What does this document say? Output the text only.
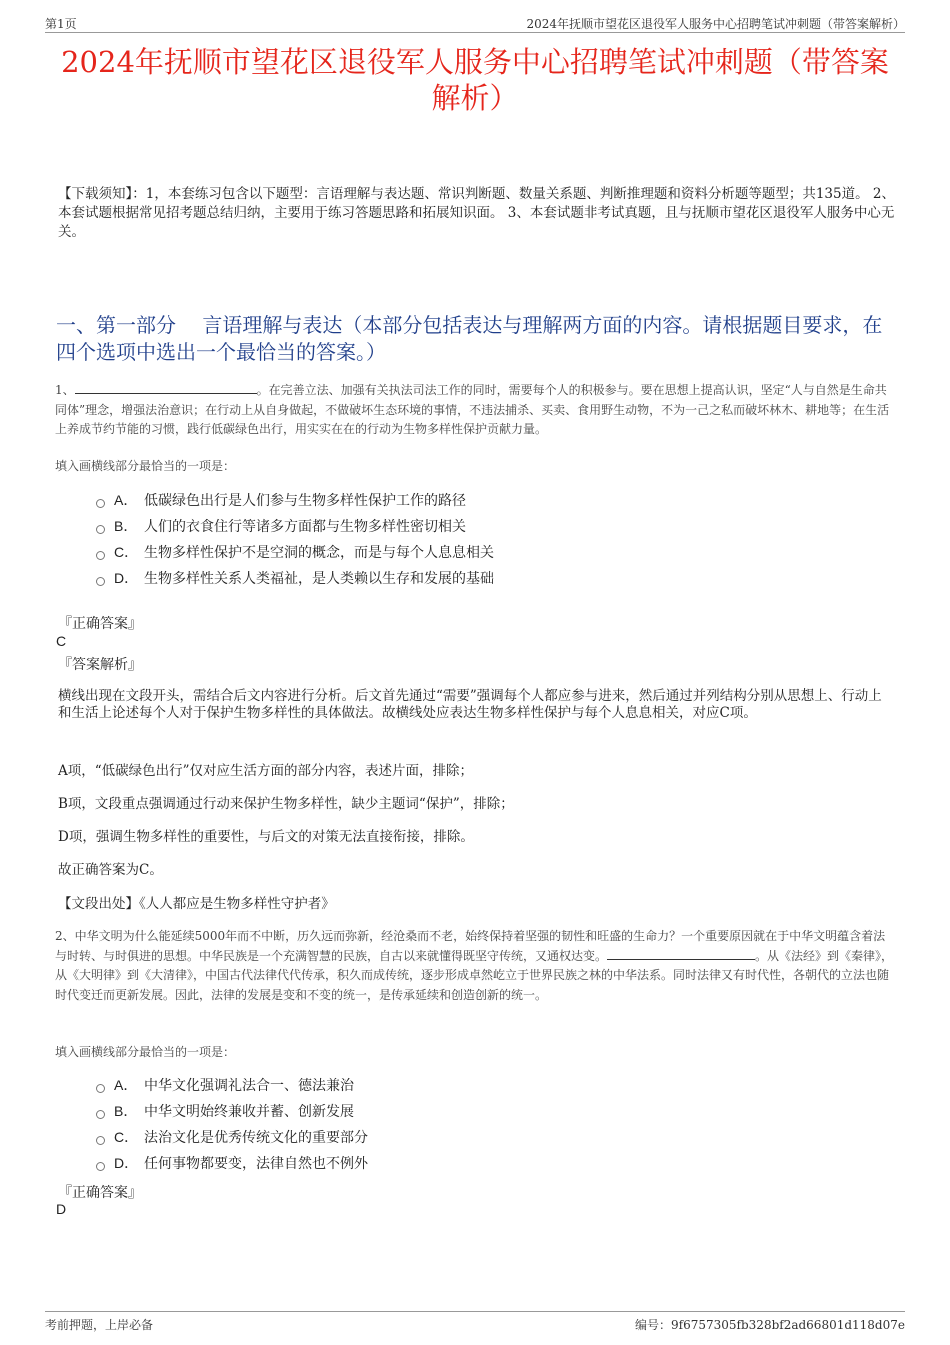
第1页	2024年抚顺市望花区退役军人服务中心招聘笔试冲刺题（带答案解析）
2024年抚顺市望花区退役军人服务中心招聘笔试冲刺题（带答案解析）
【下载须知】：1，本套练习包含以下题型：言语理解与表达题、常识判断题、数量关系题、判断推理题和资料分析题等题型；共135道。 2、本套试题根据常见招考题总结归纳，主要用于练习答题思路和拓展知识面。 3、本套试题非考试真题，且与抚顺市望花区退役军人服务中心无关。
一、第一部分　 言语理解与表达（本部分包括表达与理解两方面的内容。请根据题目要求，在四个选项中选出一个最恰当的答案。）
1、	。在完善立法、加强有关执法司法工作的同时，需要每个人的积极参与。要在思想上提高认识，坚定“人与自然是生命共同体”理念，增强法治意识；在行动上从自身做起，不做破坏生态环境的事情，不违法捕杀、买卖、食用野生动物，不为一己之私而破坏林木、耕地等；在生活上养成节约节能的习惯，践行低碳绿色出行，用实实在在的行动为生物多样性保护贡献力量。
填入画横线部分最恰当的一项是：
A． 低碳绿色出行是人们参与生物多样性保护工作的路径
B． 人们的衣食住行等诸多方面都与生物多样性密切相关
C． 生物多样性保护不是空洞的概念，而是与每个人息息相关
D． 生物多样性关系人类福祉，是人类赖以生存和发展的基础
『正确答案』
C
『答案解析』
横线出现在文段开头，需结合后文内容进行分析。后文首先通过“需要”强调每个人都应参与进来，然后通过并列结构分别从思想上、行动上和生活上论述每个人对于保护生物多样性的具体做法。故横线处应表达生物多样性保护与每个人息息相关，对应C项。
A项，“低碳绿色出行”仅对应生活方面的部分内容，表述片面，排除；
B项，文段重点强调通过行动来保护生物多样性，缺少主题词“保护”，排除；
D项，强调生物多样性的重要性，与后文的对策无法直接衔接，排除。
故正确答案为C。
【文段出处】《人人都应是生物多样性守护者》
2、中华文明为什么能延续5000年而不中断，历久远而弥新，经沧桑而不老，始终保持着坚强的韧性和旺盛的生命力？一个重要原因就在于中华文明蕴含着法与时转、与时俱进的思想。中华民族是一个充满智慧的民族，自古以来就懂得既坚守传统，又通权达变。	。从《法经》到《秦律》，从《大明律》到《大清律》，中国古代法律代代传承，积久而成传统，逐步形成卓然屹立于世界民族之林的中华法系。同时法律又有时代性，各朝代的立法也随时代变迁而更新发展。因此，法律的发展是变和不变的统一，是传承延续和创造创新的统一。
填入画横线部分最恰当的一项是：
A． 中华文化强调礼法合一、德法兼治
B． 中华文明始终兼收并蓄、创新发展
C． 法治文化是优秀传统文化的重要部分
D． 任何事物都要变，法律自然也不例外
『正确答案』
D
考前押题，上岸必备	编号：9f6757305fb328bf2ad66801d118d07e
